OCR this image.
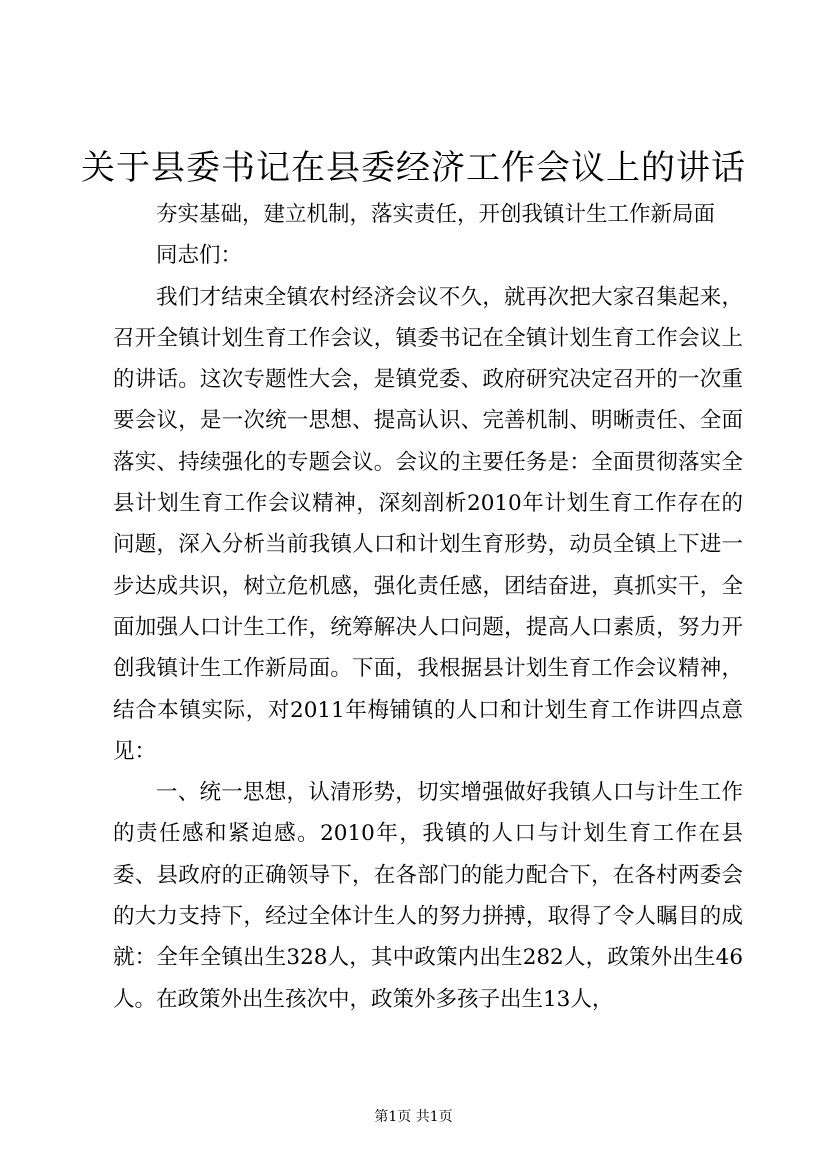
关于县委书记在县委经济工作会议上的讲话

夯实基础，建立机制，落实责任，开创我镇计生工作新局面

同志们：

我们才结束全镇农村经济会议不久，就再次把大家召集起来，召开全镇计划生育工作会议，镇委书记在全镇计划生育工作会议上的讲话。这次专题性大会，是镇党委、政府研究决定召开的一次重要会议，是一次统一思想、提高认识、完善机制、明晰责任、全面落实、持续强化的专题会议。会议的主要任务是：全面贯彻落实全县计划生育工作会议精神，深刻剖析2010年计划生育工作存在的问题，深入分析当前我镇人口和计划生育形势，动员全镇上下进一步达成共识，树立危机感，强化责任感，团结奋进，真抓实干，全面加强人口计生工作，统筹解决人口问题，提高人口素质，努力开创我镇计生工作新局面。下面，我根据县计划生育工作会议精神，结合本镇实际，对2011年梅铺镇的人口和计划生育工作讲四点意见：

一、统一思想，认清形势，切实增强做好我镇人口与计生工作的责任感和紧迫感。2010年，我镇的人口与计划生育工作在县委、县政府的正确领导下，在各部门的能力配合下，在各村两委会的大力支持下，经过全体计生人的努力拼搏，取得了令人瞩目的成就：全年全镇出生328人，其中政策内出生282人，政策外出生46人。在政策外出生孩次中，政策外多孩子出生13人，

第1页 共1页
